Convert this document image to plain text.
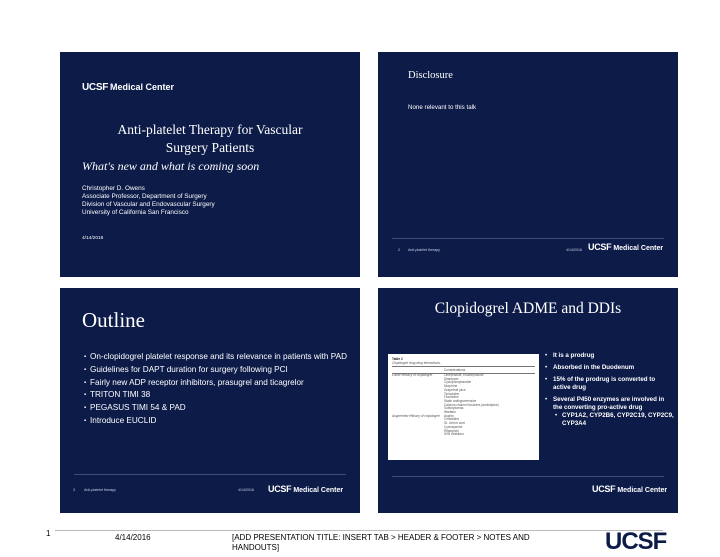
UCSF Medical Center
Anti-platelet Therapy for Vascular
Surgery Patients
What's new and what is coming soon
Christopher D. Owens
Associate Professor, Department of Surgery
Division of Vascular and Endovascular Surgery
University of California San Francisco
4/14/2016
Disclosure
None relevant to this talk
2 Anti-platelet therapy	4/14/2016 UCSF Medical Center
Outline
▪ On-clopidogrel platelet response and its relevance in patients with PAD
▪ Guidelines for DAPT duration for surgery following PCI
▪ Fairly new ADP receptor inhibitors, prasugrel and ticagrelor
▪ TRITON TIMI 38
▪ PEGASUS TIMI 54 & PAD
▪ Introduce EUCLID
3	Anti-platelet therapy	4/14/2016 UCSF Medical Center
Clopidogrel ADME and DDIs
Table 2
Clopidogrel drug-drug interactions.
Considerations
Lower efficacy of clopidogrel	Omeprazole, Esomeprazole
Diazepam
Cyclophosphamide
Morphine
Grapefruit juice
Ticlopidine
Fluoxetine
Statin antihypertensive
Calcium channel blockers (amlodipine)
Sulfonylureas
Warfarin
Augmented efficacy of clopidogrel	Aspirin
Cimetidine
St. John's wort
Cyclosporine
Rifampicin
H2B inhibitors
• It is a prodrug
• Absorbed in the Duodenum
• 15% of the prodrug is converted to active drug
• Several P450 enzymes are involved in the converting pro-active drug
• CYP1A2, CYP2B6, CYP2C19, CYP2C9, CYP3A4
UCSF Medical Center
1	4/14/2016	[ADD PRESENTATION TITLE: INSERT TAB > HEADER & FOOTER > NOTES AND HANDOUTS]	UCSF
